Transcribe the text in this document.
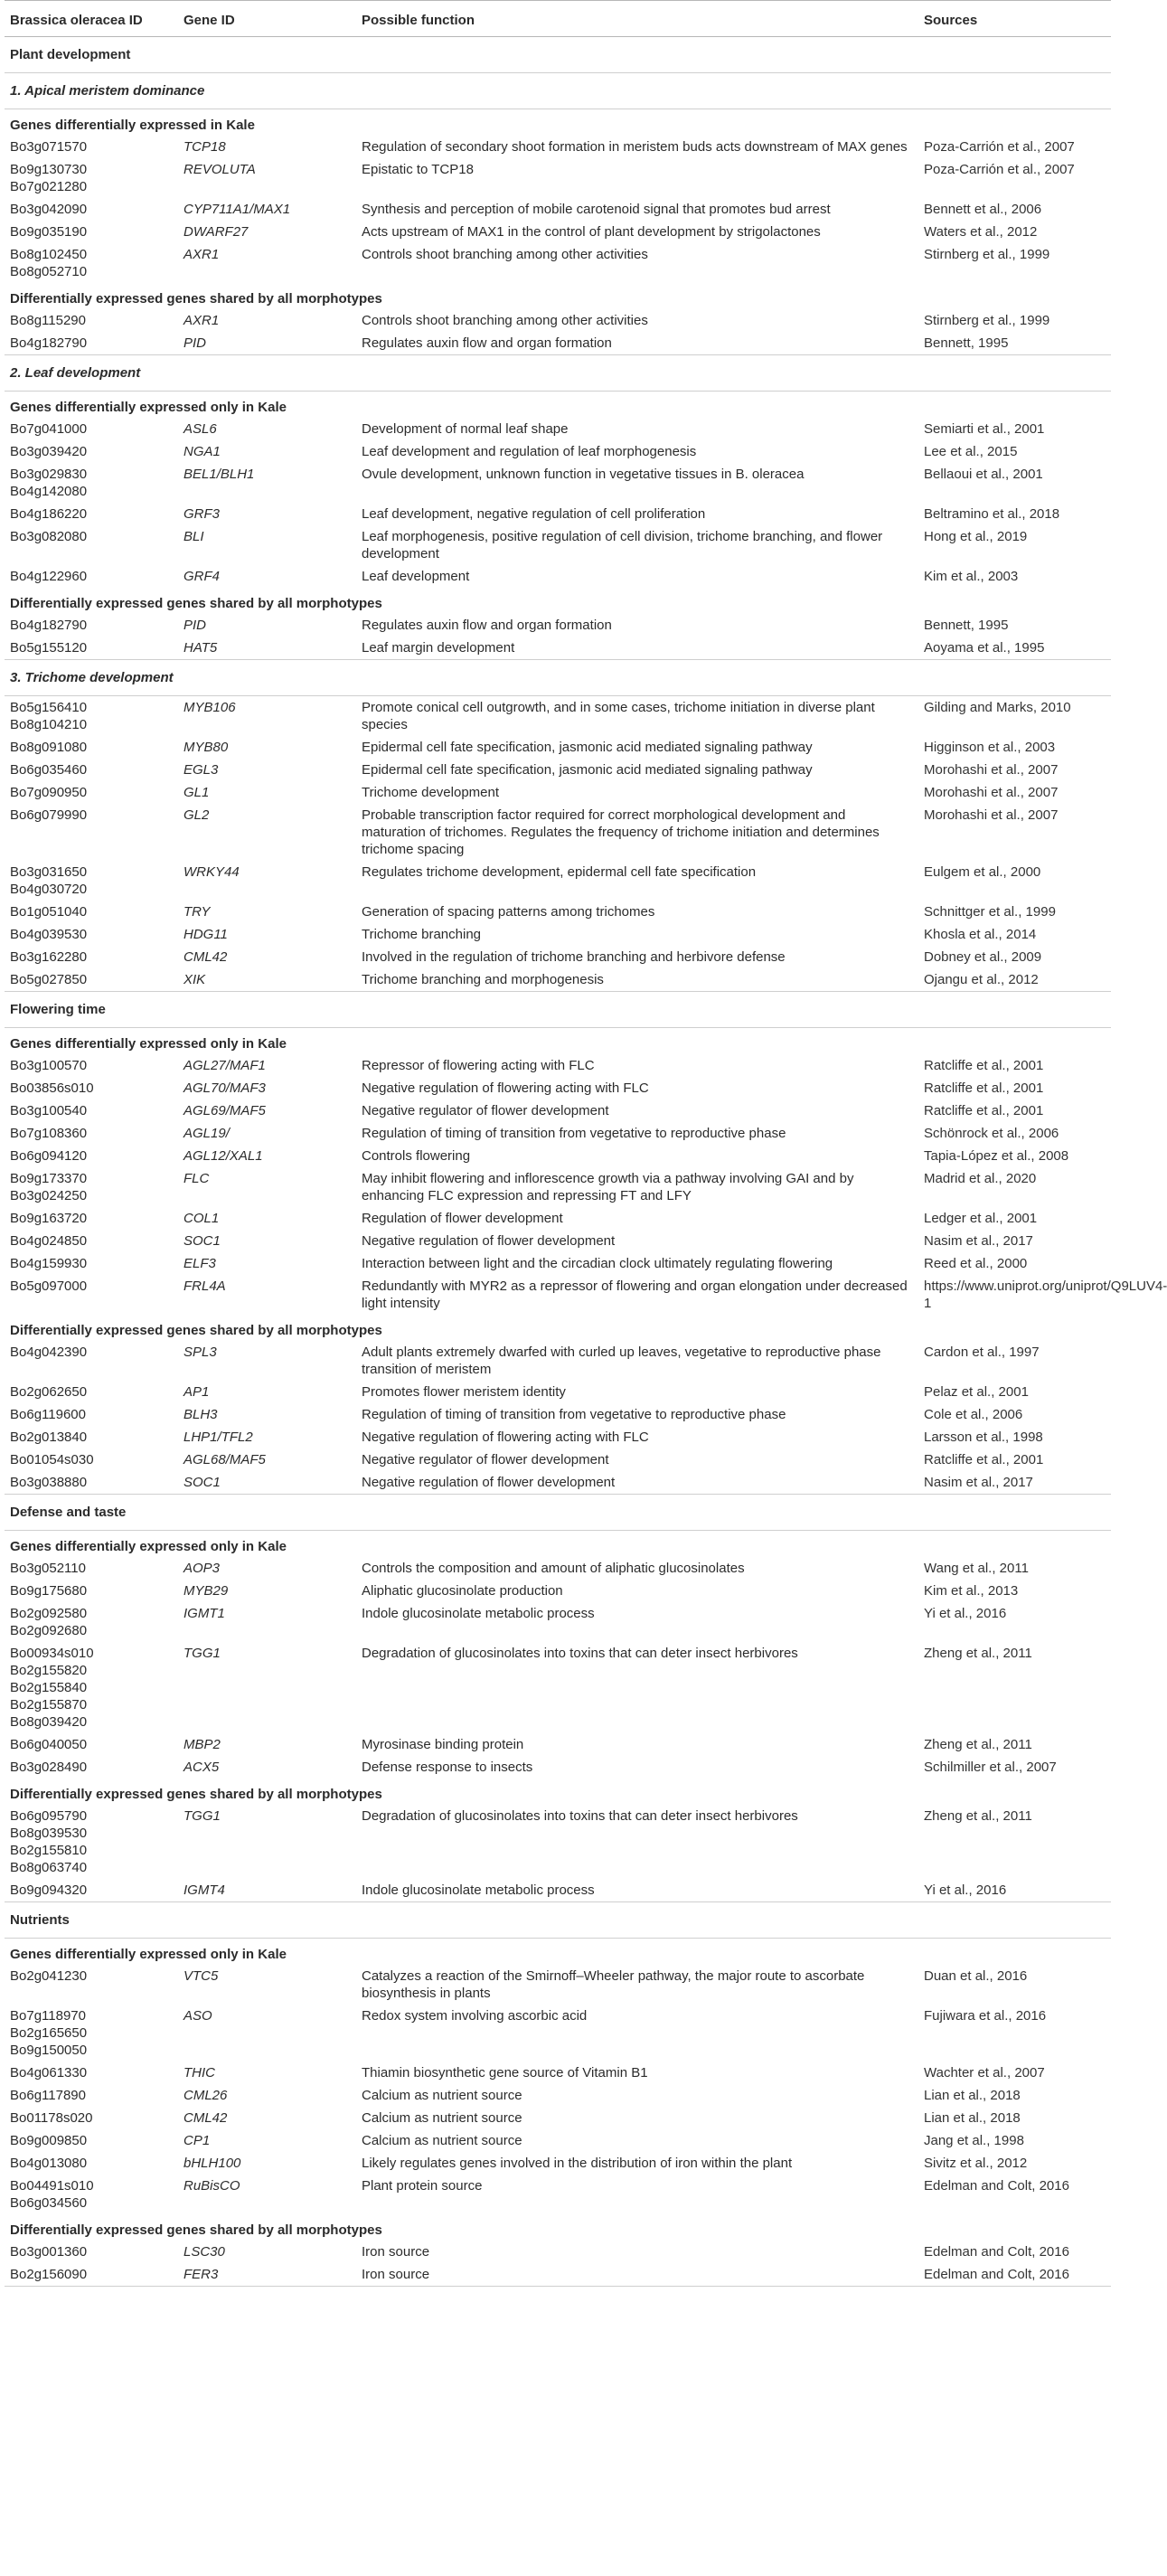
Brassica oleracea ID	Gene ID	Possible function	Sources
Plant development			
1. Apical meristem dominance			
Genes differentially expressed in Kale			

Bo3g071570	TCP18	Regulation of secondary shoot formation in meristem buds acts downstream of MAX genes	Poza-Carrión et al., 2007

Bo9g130730
Bo7g021280	REVOLUTA	Epistatic to TCP18	Poza-Carrión et al., 2007

Bo3g042090	CYP711A1/MAX1	Synthesis and perception of mobile carotenoid signal that promotes bud arrest	Bennett et al., 2006

Bo9g035190	DWARF27	Acts upstream of MAX1 in the control of plant development by strigolactones	Waters et al., 2012

Bo8g102450
Bo8g052710	AXR1	Controls shoot branching among other activities	Stirnberg et al., 1999
Differentially expressed genes shared by all morphotypes			

Bo8g115290	AXR1	Controls shoot branching among other activities	Stirnberg et al., 1999

Bo4g182790	PID	Regulates auxin flow and organ formation	Bennett, 1995
2. Leaf development			
Genes differentially expressed only in Kale			

Bo7g041000	ASL6	Development of normal leaf shape	Semiarti et al., 2001

Bo3g039420	NGA1	Leaf development and regulation of leaf morphogenesis	Lee et al., 2015

Bo3g029830
Bo4g142080	BEL1/BLH1	Ovule development, unknown function in vegetative tissues in B. oleracea	Bellaoui et al., 2001

Bo4g186220	GRF3	Leaf development, negative regulation of cell proliferation	Beltramino et al., 2018

Bo3g082080	BLI	Leaf morphogenesis, positive regulation of cell division, trichome branching, and flower development	Hong et al., 2019

Bo4g122960	GRF4	Leaf development	Kim et al., 2003
Differentially expressed genes shared by all morphotypes			

Bo4g182790	PID	Regulates auxin flow and organ formation	Bennett, 1995

Bo5g155120	HAT5	Leaf margin development	Aoyama et al., 1995
3. Trichome development			

Bo5g156410
Bo8g104210	MYB106	Promote conical cell outgrowth, and in some cases, trichome initiation in diverse plant species	Gilding and Marks, 2010

Bo8g091080	MYB80	Epidermal cell fate specification, jasmonic acid mediated signaling pathway	Higginson et al., 2003

Bo6g035460	EGL3	Epidermal cell fate specification, jasmonic acid mediated signaling pathway	Morohashi et al., 2007

Bo7g090950	GL1	Trichome development	Morohashi et al., 2007

Bo6g079990	GL2	Probable transcription factor required for correct morphological development and maturation of trichomes. Regulates the frequency of trichome initiation and determines trichome spacing	Morohashi et al., 2007

Bo3g031650
Bo4g030720	WRKY44	Regulates trichome development, epidermal cell fate specification	Eulgem et al., 2000

Bo1g051040	TRY	Generation of spacing patterns among trichomes	Schnittger et al., 1999

Bo4g039530	HDG11	Trichome branching	Khosla et al., 2014

Bo3g162280	CML42	Involved in the regulation of trichome branching and herbivore defense	Dobney et al., 2009

Bo5g027850	XIK	Trichome branching and morphogenesis	Ojangu et al., 2012
Flowering time			
Genes differentially expressed only in Kale			

Bo3g100570	AGL27/MAF1	Repressor of flowering acting with FLC	Ratcliffe et al., 2001

Bo03856s010	AGL70/MAF3	Negative regulation of flowering acting with FLC	Ratcliffe et al., 2001

Bo3g100540	AGL69/MAF5	Negative regulator of flower development	Ratcliffe et al., 2001

Bo7g108360	AGL19/	Regulation of timing of transition from vegetative to reproductive phase	Schönrock et al., 2006

Bo6g094120	AGL12/XAL1	Controls flowering	Tapia-López et al., 2008

Bo9g173370
Bo3g024250	FLC	May inhibit flowering and inflorescence growth via a pathway involving GAI and by enhancing FLC expression and repressing FT and LFY	Madrid et al., 2020

Bo9g163720	COL1	Regulation of flower development	Ledger et al., 2001

Bo4g024850	SOC1	Negative regulation of flower development	Nasim et al., 2017

Bo4g159930	ELF3	Interaction between light and the circadian clock ultimately regulating flowering	Reed et al., 2000

Bo5g097000	FRL4A	Redundantly with MYR2 as a repressor of flowering and organ elongation under decreased light intensity	https://www.uniprot.org/uniprot/Q9LUV4-1
Differentially expressed genes shared by all morphotypes			

Bo4g042390	SPL3	Adult plants extremely dwarfed with curled up leaves, vegetative to reproductive phase transition of meristem	Cardon et al., 1997

Bo2g062650	AP1	Promotes flower meristem identity	Pelaz et al., 2001

Bo6g119600	BLH3	Regulation of timing of transition from vegetative to reproductive phase	Cole et al., 2006

Bo2g013840	LHP1/TFL2	Negative regulation of flowering acting with FLC	Larsson et al., 1998

Bo01054s030	AGL68/MAF5	Negative regulator of flower development	Ratcliffe et al., 2001

Bo3g038880	SOC1	Negative regulation of flower development	Nasim et al., 2017
Defense and taste			
Genes differentially expressed only in Kale			

Bo3g052110	AOP3	Controls the composition and amount of aliphatic glucosinolates	Wang et al., 2011

Bo9g175680	MYB29	Aliphatic glucosinolate production	Kim et al., 2013

Bo2g092580
Bo2g092680	IGMT1	Indole glucosinolate metabolic process	Yi et al., 2016

Bo00934s010
Bo2g155820
Bo2g155840
Bo2g155870
Bo8g039420	TGG1	Degradation of glucosinolates into toxins that can deter insect herbivores	Zheng et al., 2011

Bo6g040050	MBP2	Myrosinase binding protein	Zheng et al., 2011

Bo3g028490	ACX5	Defense response to insects	Schilmiller et al., 2007
Differentially expressed genes shared by all morphotypes			

Bo6g095790
Bo8g039530
Bo2g155810
Bo8g063740	TGG1	Degradation of glucosinolates into toxins that can deter insect herbivores	Zheng et al., 2011

Bo9g094320	IGMT4	Indole glucosinolate metabolic process	Yi et al., 2016
Nutrients			
Genes differentially expressed only in Kale			

Bo2g041230	VTC5	Catalyzes a reaction of the Smirnoff–Wheeler pathway, the major route to ascorbate biosynthesis in plants	Duan et al., 2016

Bo7g118970
Bo2g165650
Bo9g150050	ASO	Redox system involving ascorbic acid	Fujiwara et al., 2016

Bo4g061330	THIC	Thiamin biosynthetic gene source of Vitamin B1	Wachter et al., 2007

Bo6g117890	CML26	Calcium as nutrient source	Lian et al., 2018

Bo01178s020	CML42	Calcium as nutrient source	Lian et al., 2018

Bo9g009850	CP1	Calcium as nutrient source	Jang et al., 1998

Bo4g013080	bHLH100	Likely regulates genes involved in the distribution of iron within the plant	Sivitz et al., 2012

Bo04491s010
Bo6g034560	RuBisCO	Plant protein source	Edelman and Colt, 2016
Differentially expressed genes shared by all morphotypes			

Bo3g001360	LSC30	Iron source	Edelman and Colt, 2016

Bo2g156090	FER3	Iron source	Edelman and Colt, 2016
